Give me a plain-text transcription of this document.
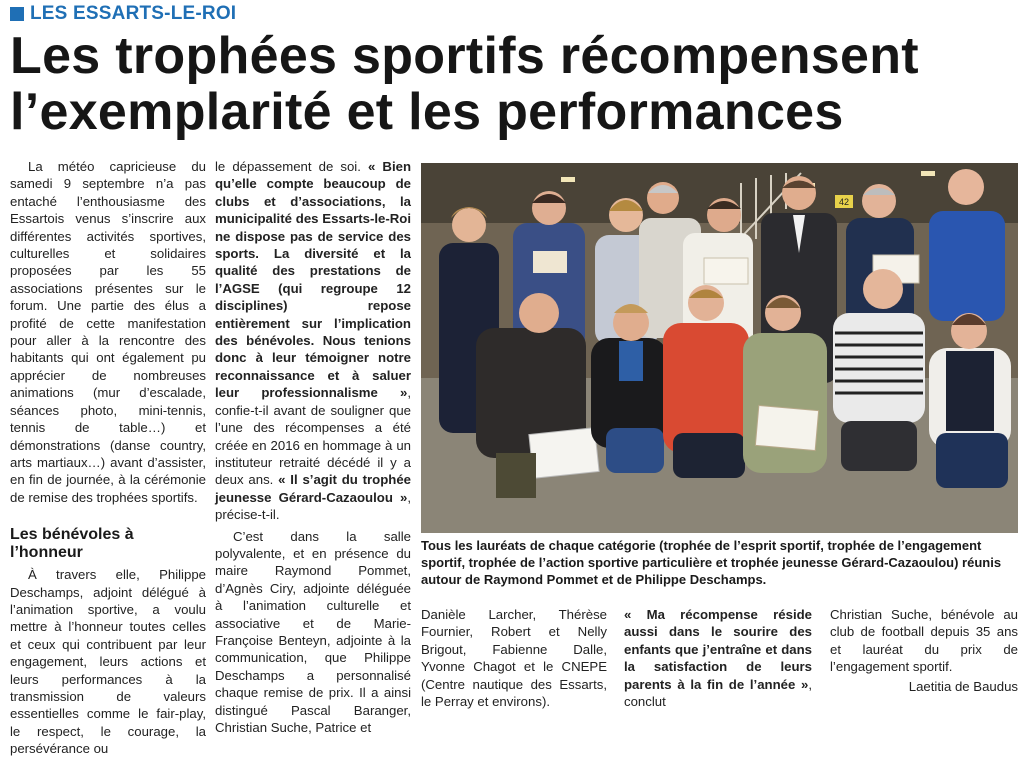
LES ESSARTS-LE-ROI
Les trophées sportifs récompensent
l’exemplarité et les performances

La météo capricieuse du samedi 9 septembre n’a pas entaché l’enthousiasme des Essartois venus s’inscrire aux différentes activités sportives, culturelles et solidaires proposées par les 55 associations présentes sur le forum. Une partie des élus a profité de cette manifestation pour aller à la rencontre des habitants qui ont également pu apprécier de nombreuses animations (mur d’escalade, séances photo, mini-tennis, tennis de table…) et démonstrations (danse country, arts martiaux…) avant d’assister, en fin de journée, à la cérémonie de remise des trophées sportifs.

Les bénévoles à l’honneur

À travers elle, Philippe Deschamps, adjoint délégué à l’animation sportive, a voulu mettre à l’honneur toutes celles et ceux qui contribuent par leur engagement, leurs actions et leurs performances à la transmission de valeurs essentielles comme le fair-play, le respect, le courage, la persévérance ou

le dépassement de soi. « Bien qu’elle compte beaucoup de clubs et d’associations, la municipalité des Essarts-le-Roi ne dispose pas de service des sports. La diversité et la qualité des prestations de l’AGSE (qui regroupe 12 disciplines) repose entièrement sur l’implication des bénévoles. Nous tenions donc à leur témoigner notre reconnaissance et à saluer leur professionnalisme », confie-t-il avant de souligner que l’une des récompenses a été créée en 2016 en hommage à un instituteur retraité décédé il y a deux ans. « Il s’agit du trophée jeunesse Gérard-Cazaoulou », précise-t-il.

C’est dans la salle polyvalente, et en présence du maire Raymond Pommet, d’Agnès Ciry, adjointe déléguée à l’animation culturelle et associative et de Marie-Françoise Benteyn, adjointe à la communication, que Philippe Deschamps a personnalisé chaque remise de prix. Il a ainsi distingué Pascal Baranger, Christian Suche, Patrice et

42
Tous les lauréats de chaque catégorie (trophée de l’esprit sportif, trophée de l’engagement sportif, trophée de l’action sportive particulière et trophée jeunesse Gérard-Cazaoulou) réunis autour de Raymond Pommet et de Philippe Deschamps.

Danièle Larcher, Thérèse Fournier, Robert et Nelly Brigout, Fabienne Dalle, Yvonne Chagot et le CNEPE (Centre nautique des Essarts, le Perray et environs).

« Ma récompense réside aussi dans le sourire des enfants que j’entraîne et dans la satisfaction de leurs parents à la fin de l’année », conclut

Christian Suche, bénévole au club de football depuis 35 ans et lauréat du prix de l’engagement sportif.

Laetitia de Baudus
